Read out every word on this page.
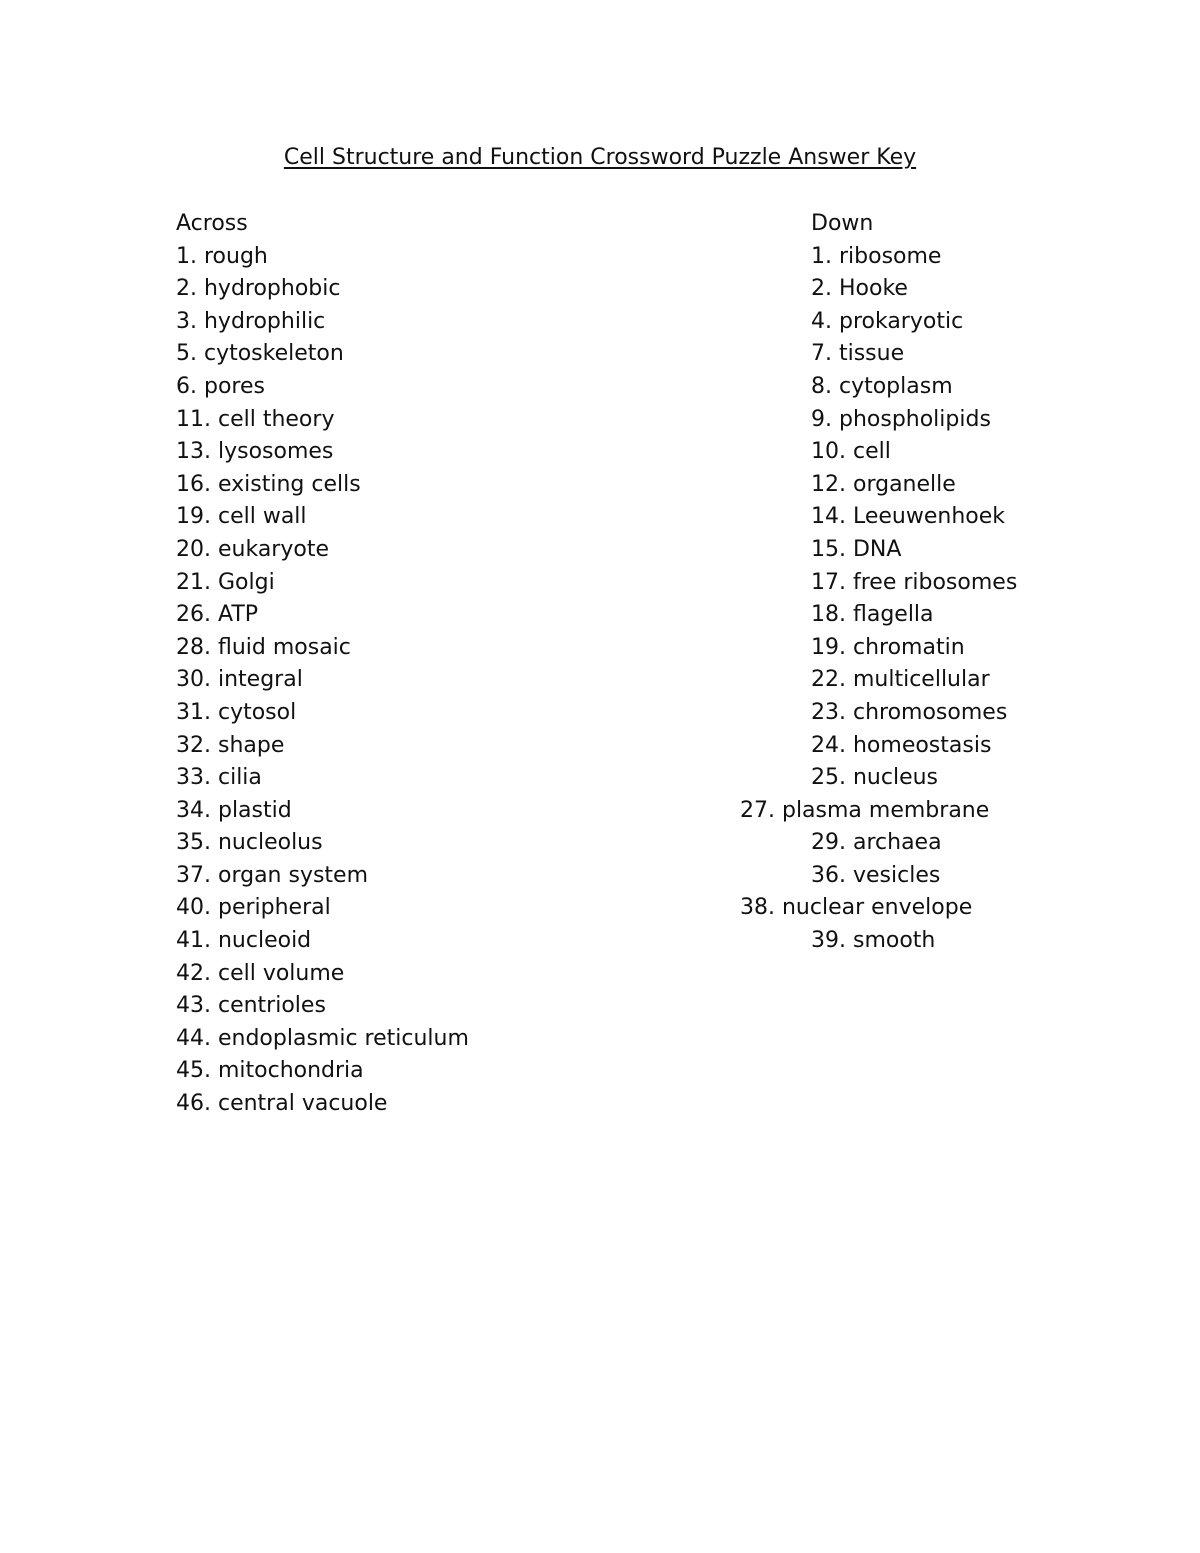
Cell Structure and Function Crossword Puzzle Answer Key
Across
1. rough
2. hydrophobic
3. hydrophilic
5. cytoskeleton
6. pores
11. cell theory
13. lysosomes
16. existing cells
19. cell wall
20. eukaryote
21. Golgi
26. ATP
28. fluid mosaic
30. integral
31. cytosol
32. shape
33. cilia
34. plastid
35. nucleolus
37. organ system
40. peripheral
41. nucleoid
42. cell volume
43. centrioles
44. endoplasmic reticulum
45. mitochondria
46. central vacuole
Down
1. ribosome
2. Hooke
4. prokaryotic
7. tissue
8. cytoplasm
9. phospholipids
10. cell
12. organelle
14. Leeuwenhoek
15. DNA
17. free ribosomes
18. flagella
19. chromatin
22. multicellular
23. chromosomes
24. homeostasis
25. nucleus
27. plasma membrane
29. archaea
36. vesicles
38. nuclear envelope
39. smooth
